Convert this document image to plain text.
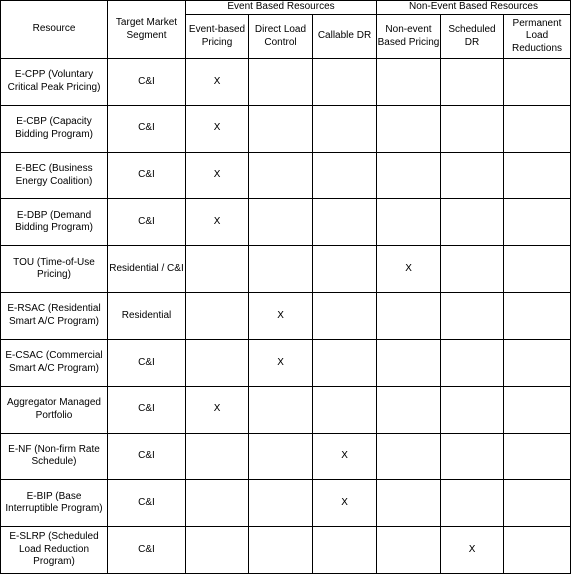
Resource	Target Market Segment	Event Based Resources			Non-Event Based Resources		
		Event-based Pricing	Direct Load Control	Callable DR	Non-event Based Pricing	Scheduled DR	Permanent Load Reductions
E-CPP (Voluntary Critical Peak Pricing)	C&I	X					
E-CBP (Capacity Bidding Program)	C&I	X					
E-BEC (Business Energy Coalition)	C&I	X					
E-DBP (Demand Bidding Program)	C&I	X					
TOU (Time-of-Use Pricing)	Residential / C&I				X		
E-RSAC (Residential Smart A/C Program)	Residential		X				
E-CSAC (Commercial Smart A/C Program)	C&I		X				
Aggregator Managed Portfolio	C&I	X					
E-NF (Non-firm Rate Schedule)	C&I			X			
E-BIP (Base Interruptible Program)	C&I			X			
E-SLRP (Scheduled Load Reduction Program)	C&I					X	
